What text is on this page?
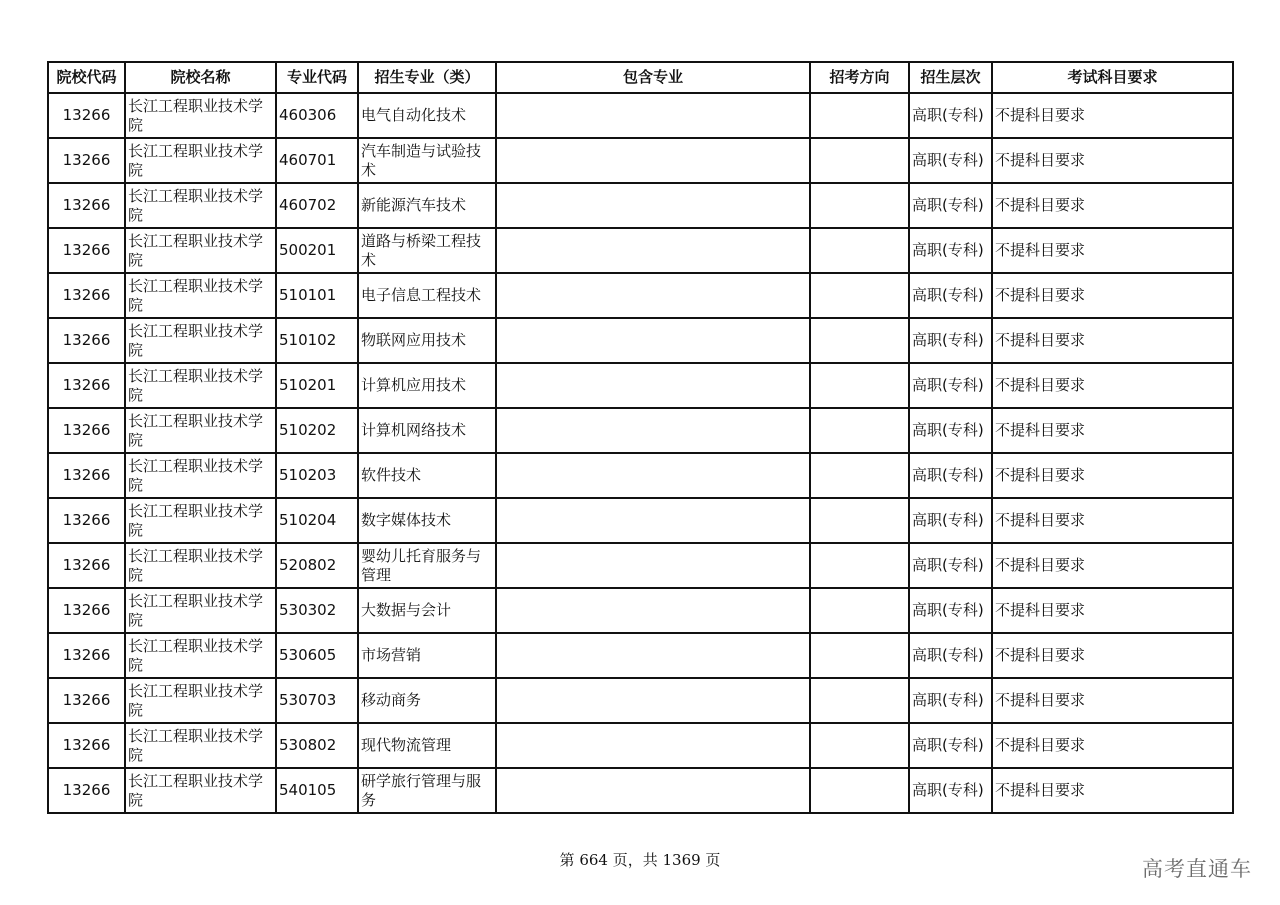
院校代码	院校名称	专业代码	招生专业（类）	包含专业	招考方向	招生层次	考试科目要求
13266	长江工程职业技术学院	460306	电气自动化技术			高职(专科)	不提科目要求
13266	长江工程职业技术学院	460701	汽车制造与试验技术			高职(专科)	不提科目要求
13266	长江工程职业技术学院	460702	新能源汽车技术			高职(专科)	不提科目要求
13266	长江工程职业技术学院	500201	道路与桥梁工程技术			高职(专科)	不提科目要求
13266	长江工程职业技术学院	510101	电子信息工程技术			高职(专科)	不提科目要求
13266	长江工程职业技术学院	510102	物联网应用技术			高职(专科)	不提科目要求
13266	长江工程职业技术学院	510201	计算机应用技术			高职(专科)	不提科目要求
13266	长江工程职业技术学院	510202	计算机网络技术			高职(专科)	不提科目要求
13266	长江工程职业技术学院	510203	软件技术			高职(专科)	不提科目要求
13266	长江工程职业技术学院	510204	数字媒体技术			高职(专科)	不提科目要求
13266	长江工程职业技术学院	520802	婴幼儿托育服务与管理			高职(专科)	不提科目要求
13266	长江工程职业技术学院	530302	大数据与会计			高职(专科)	不提科目要求
13266	长江工程职业技术学院	530605	市场营销			高职(专科)	不提科目要求
13266	长江工程职业技术学院	530703	移动商务			高职(专科)	不提科目要求
13266	长江工程职业技术学院	530802	现代物流管理			高职(专科)	不提科目要求
13266	长江工程职业技术学院	540105	研学旅行管理与服务			高职(专科)	不提科目要求
第 664 页，共 1369 页	高考直通车
